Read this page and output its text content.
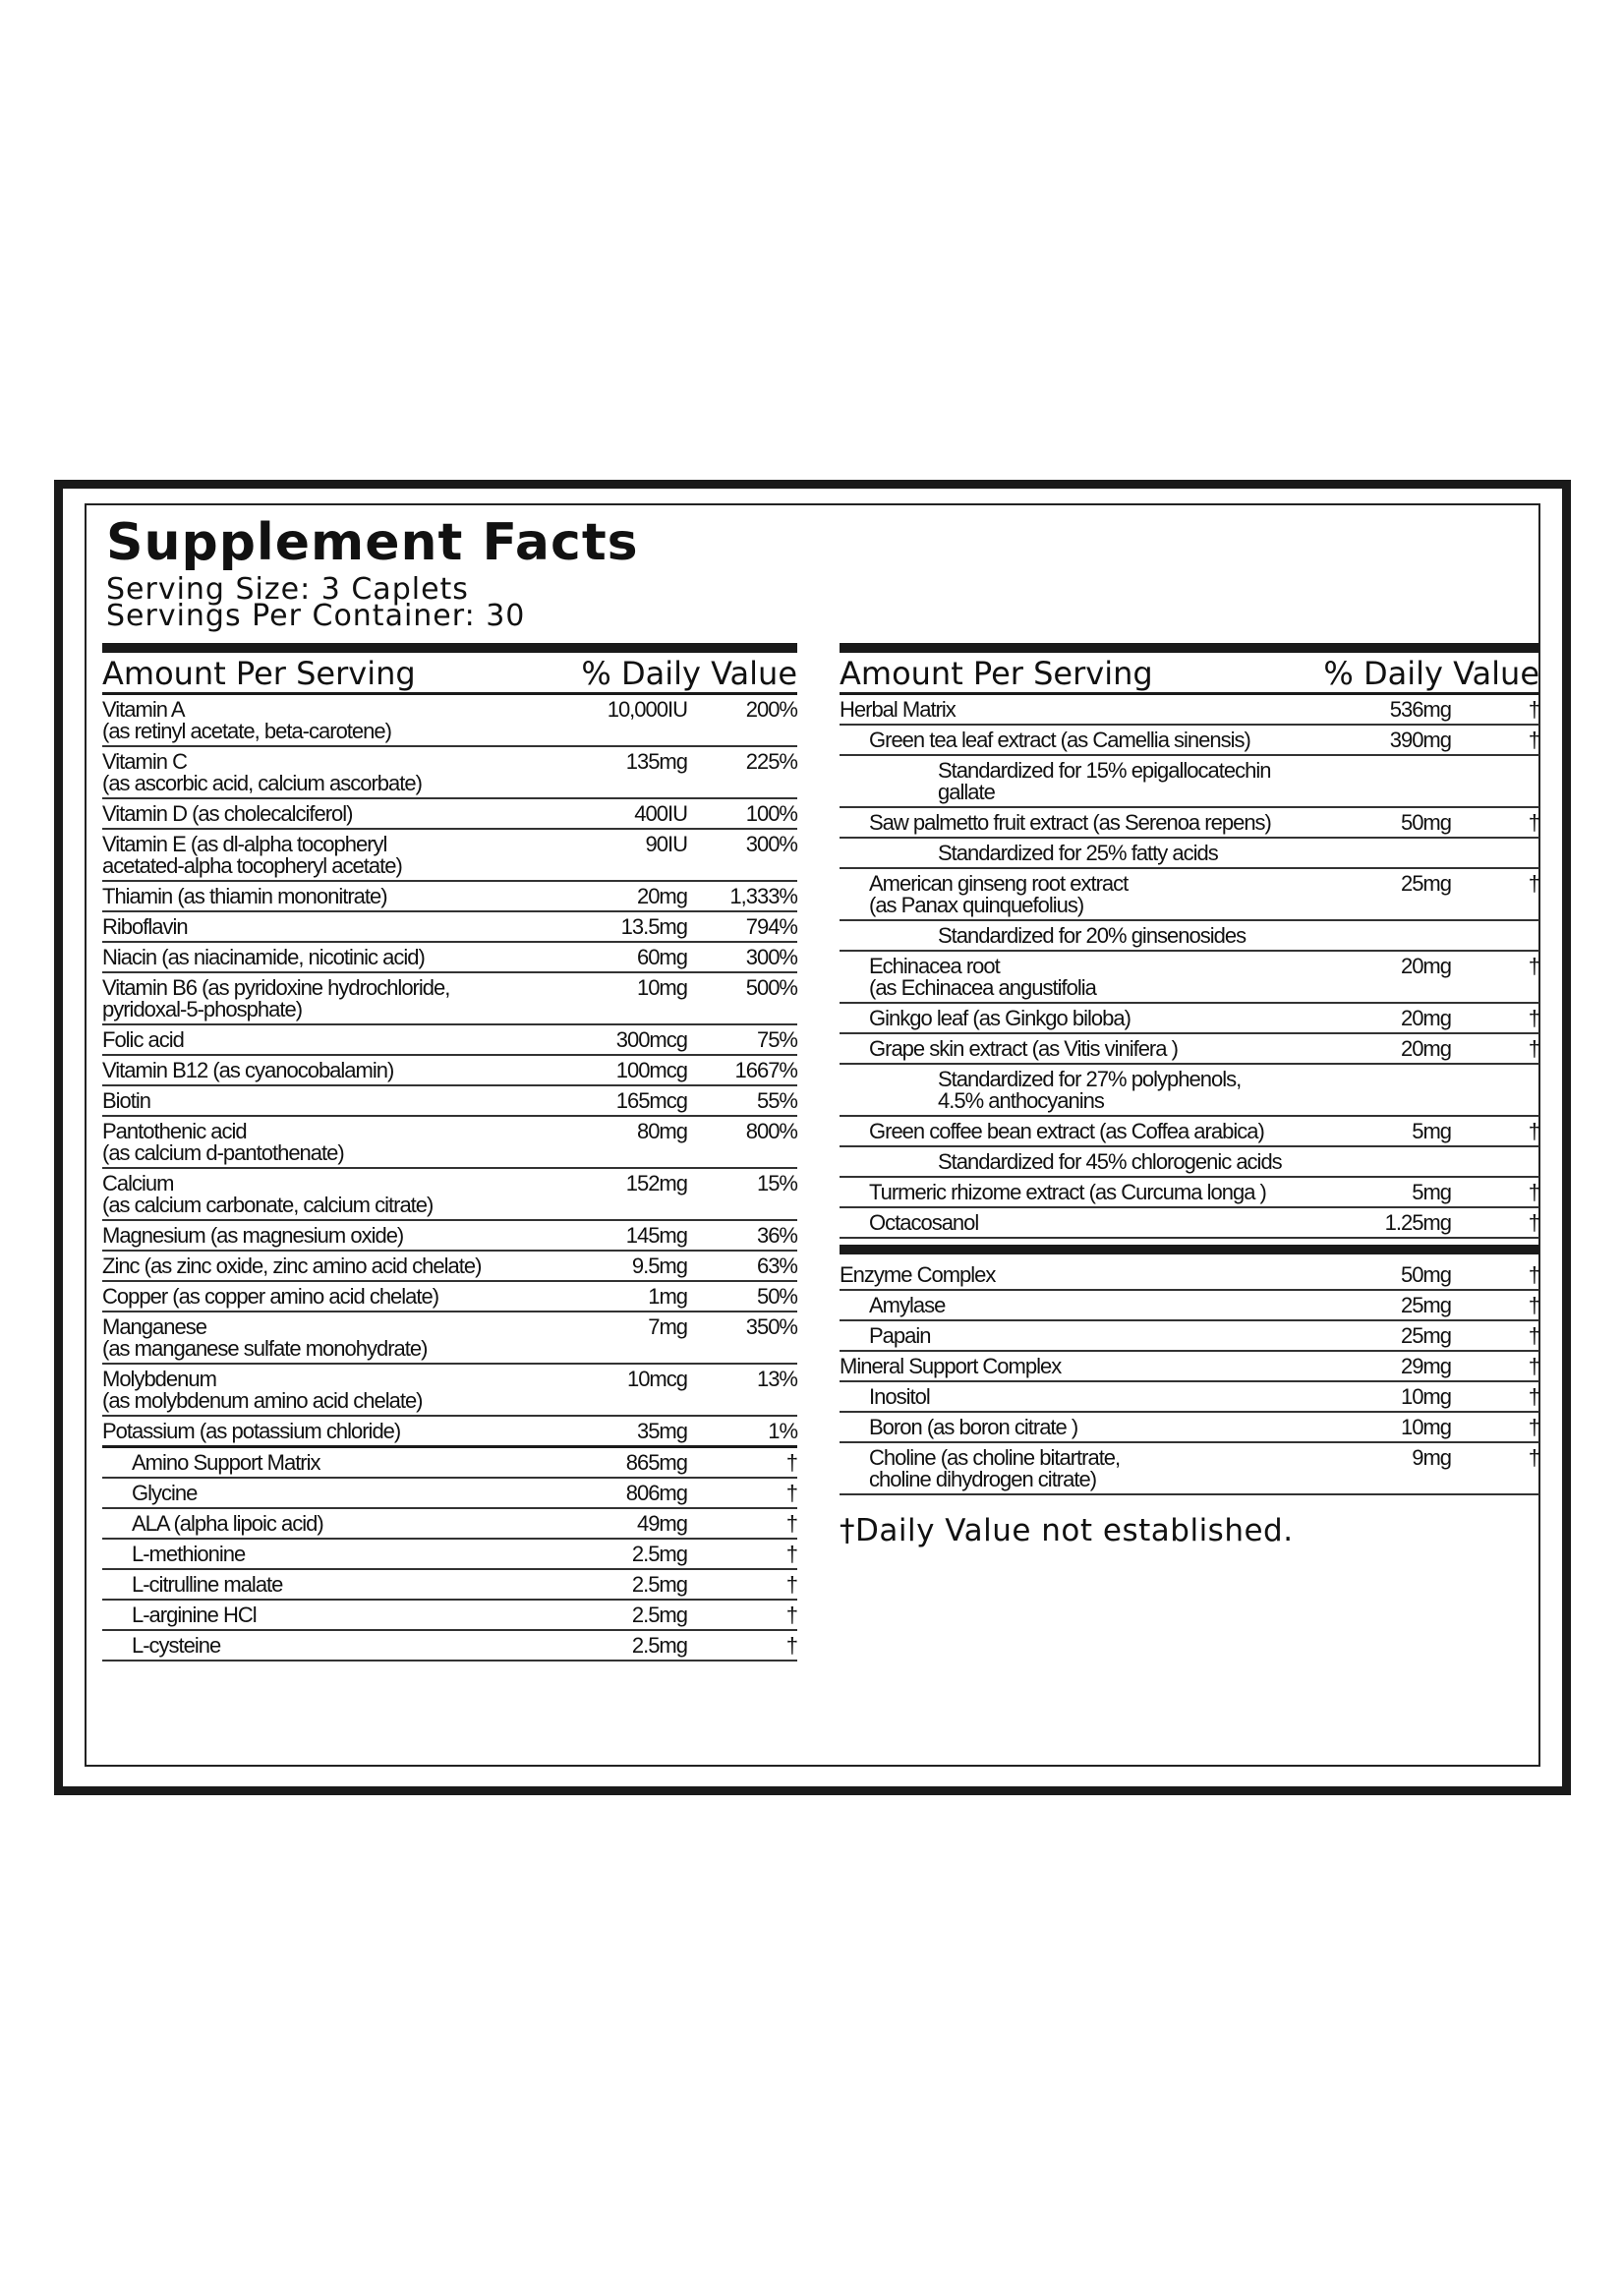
Supplement Facts
Serving Size: 3 Caplets
Servings Per Container: 30
Amount Per Serving	% Daily Value
Vitamin A
(as retinyl acetate, beta-carotene)
10,000IU	200%
Vitamin C
(as ascorbic acid, calcium ascorbate)
135mg	225%
Vitamin D (as cholecalciferol)	400IU	100%
Vitamin E (as dl-alpha tocopheryl
acetated-alpha tocopheryl acetate)
90IU	300%
Thiamin (as thiamin mononitrate)	20mg	1,333%
Riboflavin	13.5mg	794%
Niacin (as niacinamide, nicotinic acid)	60mg	300%
Vitamin B6 (as pyridoxine hydrochloride,
pyridoxal-5-phosphate)
10mg	500%
Folic acid	300mcg	75%
Vitamin B12 (as cyanocobalamin)	100mcg	1667%
Biotin	165mcg	55%
Pantothenic acid
(as calcium d-pantothenate)
80mg	800%
Calcium
(as calcium carbonate, calcium citrate)
152mg	15%
Magnesium (as magnesium oxide)	145mg	36%
Zinc (as zinc oxide, zinc amino acid chelate)	9.5mg	63%
Copper (as copper amino acid chelate)	1mg	50%
Manganese
(as manganese sulfate monohydrate)
7mg	350%
Molybdenum
(as molybdenum amino acid chelate)
10mcg	13%
Potassium (as potassium chloride)	35mg	1%
Amino Support Matrix	865mg	†
Glycine	806mg	†
ALA (alpha lipoic acid)	49mg	†
L-methionine	2.5mg	†
L-citrulline malate	2.5mg	†
L-arginine HCl	2.5mg	†
L-cysteine	2.5mg	†
Amount Per Serving	% Daily Value
Herbal Matrix	536mg	†
Green tea leaf extract (as Camellia sinensis)	390mg	†
Standardized for 15% epigallocatechin gallate
Saw palmetto fruit extract (as Serenoa repens)	50mg	†
Standardized for 25% fatty acids
American ginseng root extract
(as Panax quinquefolius)
25mg	†
Standardized for 20% ginsenosides
Echinacea root
(as Echinacea angustifolia
20mg	†
Ginkgo leaf (as Ginkgo biloba)	20mg	†
Grape skin extract (as Vitis vinifera )	20mg	†
Standardized for 27% polyphenols,
4.5% anthocyanins
Green coffee bean extract (as Coffea arabica)	5mg	†
Standardized for 45% chlorogenic acids
Turmeric rhizome extract (as Curcuma longa )	5mg	†
Octacosanol	1.25mg	†
Enzyme Complex	50mg	†
Amylase	25mg	†
Papain	25mg	†
Mineral Support Complex	29mg	†
Inositol	10mg	†
Boron (as boron citrate )	10mg	†
Choline (as choline bitartrate,
choline dihydrogen citrate)
9mg	†
†Daily Value not established.
